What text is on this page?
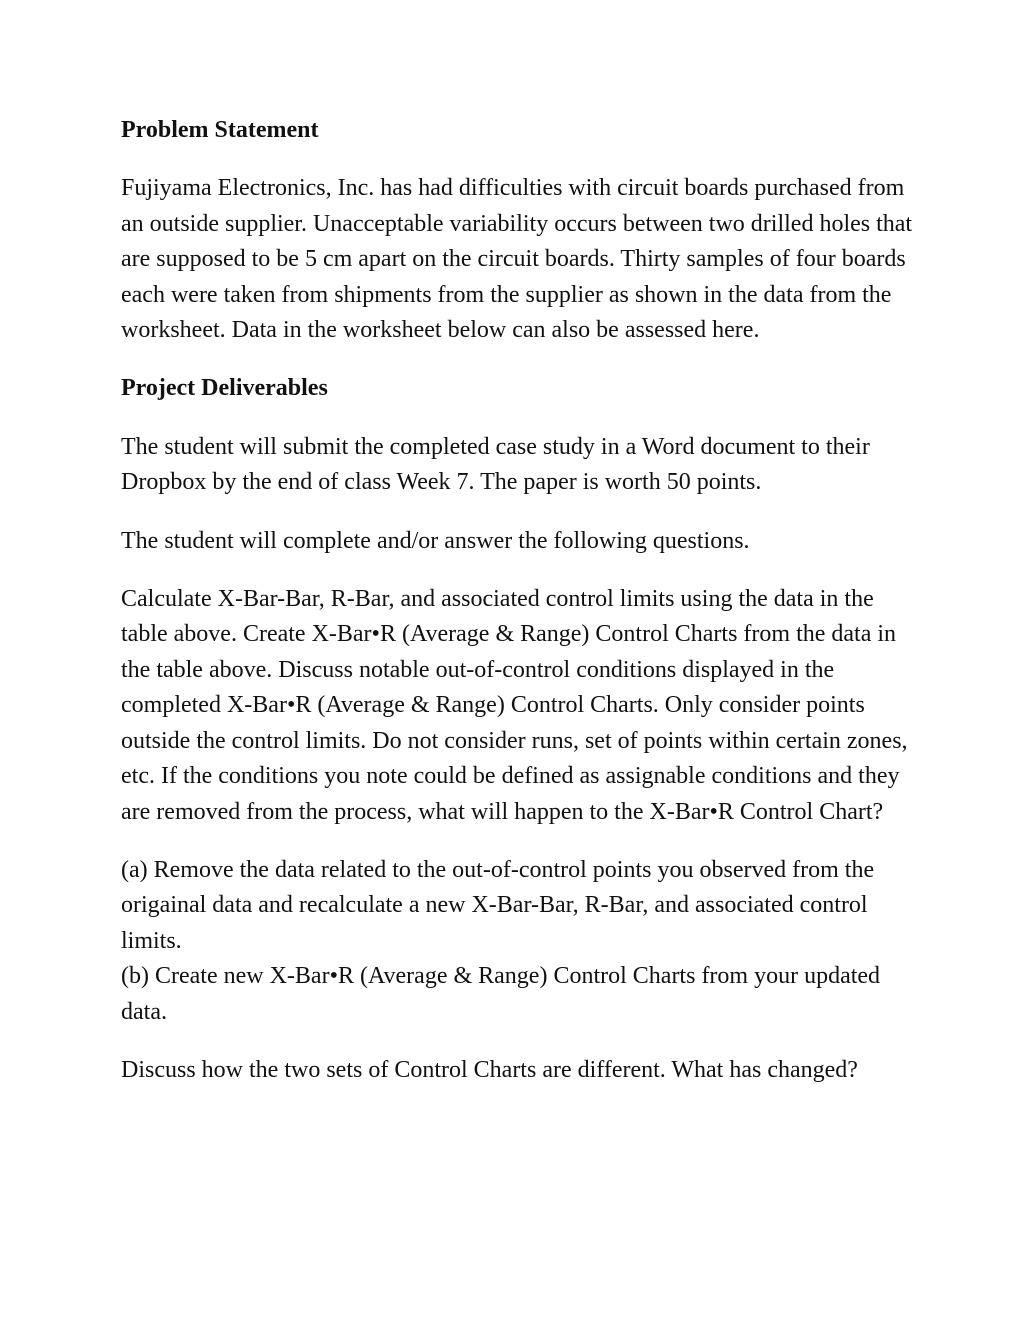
Problem Statement
Fujiyama Electronics, Inc. has had difficulties with circuit boards purchased from an outside supplier. Unacceptable variability occurs between two drilled holes that are supposed to be 5 cm apart on the circuit boards. Thirty samples of four boards each were taken from shipments from the supplier as shown in the data from the worksheet. Data in the worksheet below can also be assessed here.
Project Deliverables
The student will submit the completed case study in a Word document to their Dropbox by the end of class Week 7. The paper is worth 50 points.
The student will complete and/or answer the following questions.
Calculate X-Bar-Bar, R-Bar, and associated control limits using the data in the table above. Create X-Bar•R (Average & Range) Control Charts from the data in the table above. Discuss notable out-of-control conditions displayed in the completed X-Bar•R (Average & Range) Control Charts. Only consider points outside the control limits. Do not consider runs, set of points within certain zones, etc. If the conditions you note could be defined as assignable conditions and they are removed from the process, what will happen to the X-Bar•R Control Chart?
(a) Remove the data related to the out-of-control points you observed from the origainal data and recalculate a new X-Bar-Bar, R-Bar, and associated control limits.
(b) Create new X-Bar•R (Average & Range) Control Charts from your updated data.
Discuss how the two sets of Control Charts are different. What has changed?
